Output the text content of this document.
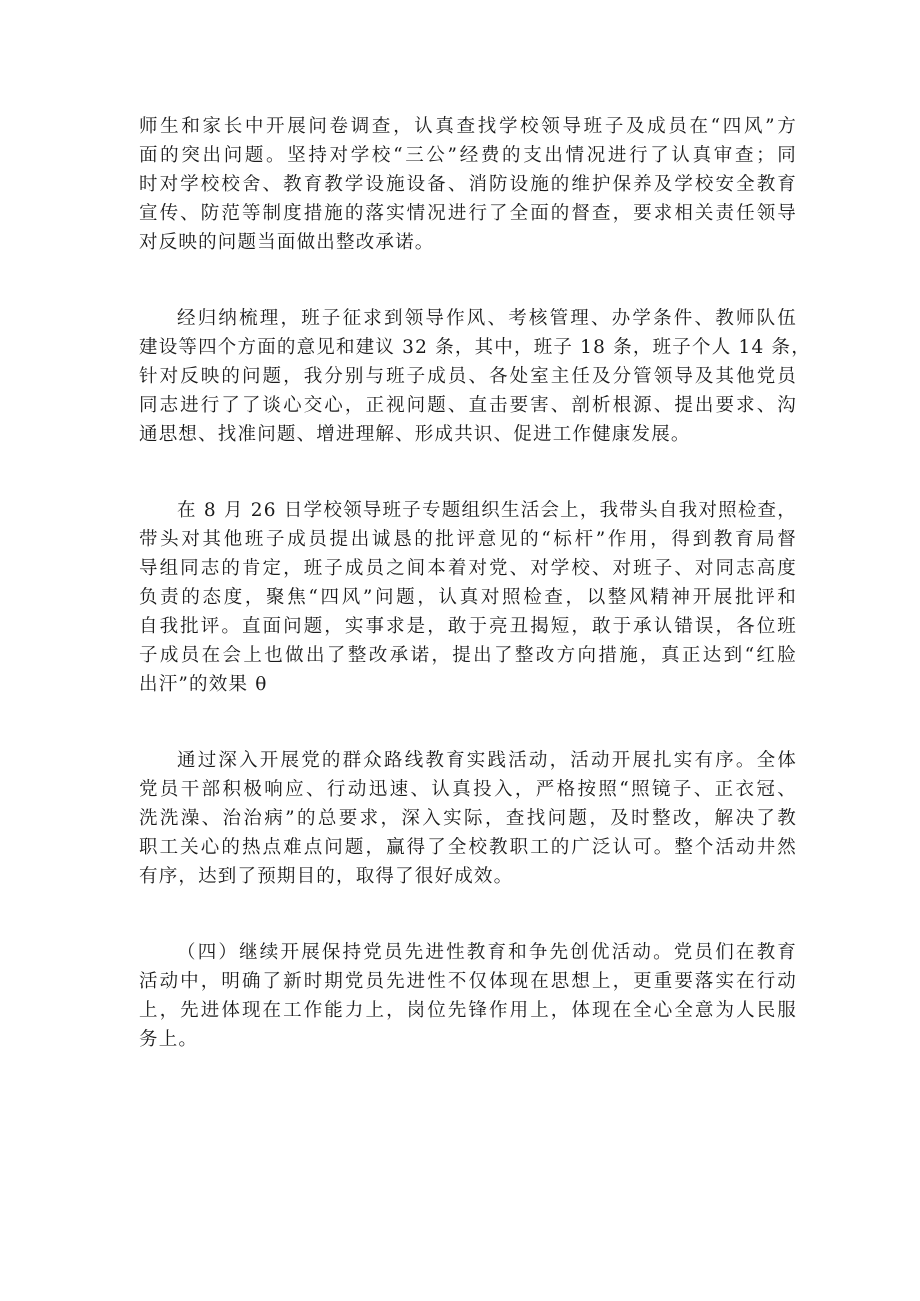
师生和家长中开展问卷调查，认真查找学校领导班子及成员在“四风”方
面的突出问题。坚持对学校“三公”经费的支出情况进行了认真审查；同
时对学校校舍、教育教学设施设备、消防设施的维护保养及学校安全教育
宣传、防范等制度措施的落实情况进行了全面的督查，要求相关责任领导
对反映的问题当面做出整改承诺。

经归纳梳理，班子征求到领导作风、考核管理、办学条件、教师队伍
建设等四个方面的意见和建议 32 条，其中，班子 18 条，班子个人 14 条，
针对反映的问题，我分别与班子成员、各处室主任及分管领导及其他党员
同志进行了了谈心交心，正视问题、直击要害、剖析根源、提出要求、沟
通思想、找准问题、增进理解、形成共识、促进工作健康发展。

在 8 月 26 日学校领导班子专题组织生活会上，我带头自我对照检查，
带头对其他班子成员提出诚恳的批评意见的“标杆”作用，得到教育局督
导组同志的肯定，班子成员之间本着对党、对学校、对班子、对同志高度
负责的态度，聚焦“四风”问题，认真对照检查，以整风精神开展批评和
自我批评。直面问题，实事求是，敢于亮丑揭短，敢于承认错误，各位班
子成员在会上也做出了整改承诺，提出了整改方向措施，真正达到“红脸
出汗”的效果 θ

通过深入开展党的群众路线教育实践活动，活动开展扎实有序。全体
党员干部积极响应、行动迅速、认真投入，严格按照“照镜子、正衣冠、
洗洗澡、治治病”的总要求，深入实际，查找问题，及时整改，解决了教
职工关心的热点难点问题，赢得了全校教职工的广泛认可。整个活动井然
有序，达到了预期目的，取得了很好成效。

（四）继续开展保持党员先进性教育和争先创优活动。党员们在教育
活动中，明确了新时期党员先进性不仅体现在思想上，更重要落实在行动
上，先进体现在工作能力上，岗位先锋作用上，体现在全心全意为人民服
务上。
